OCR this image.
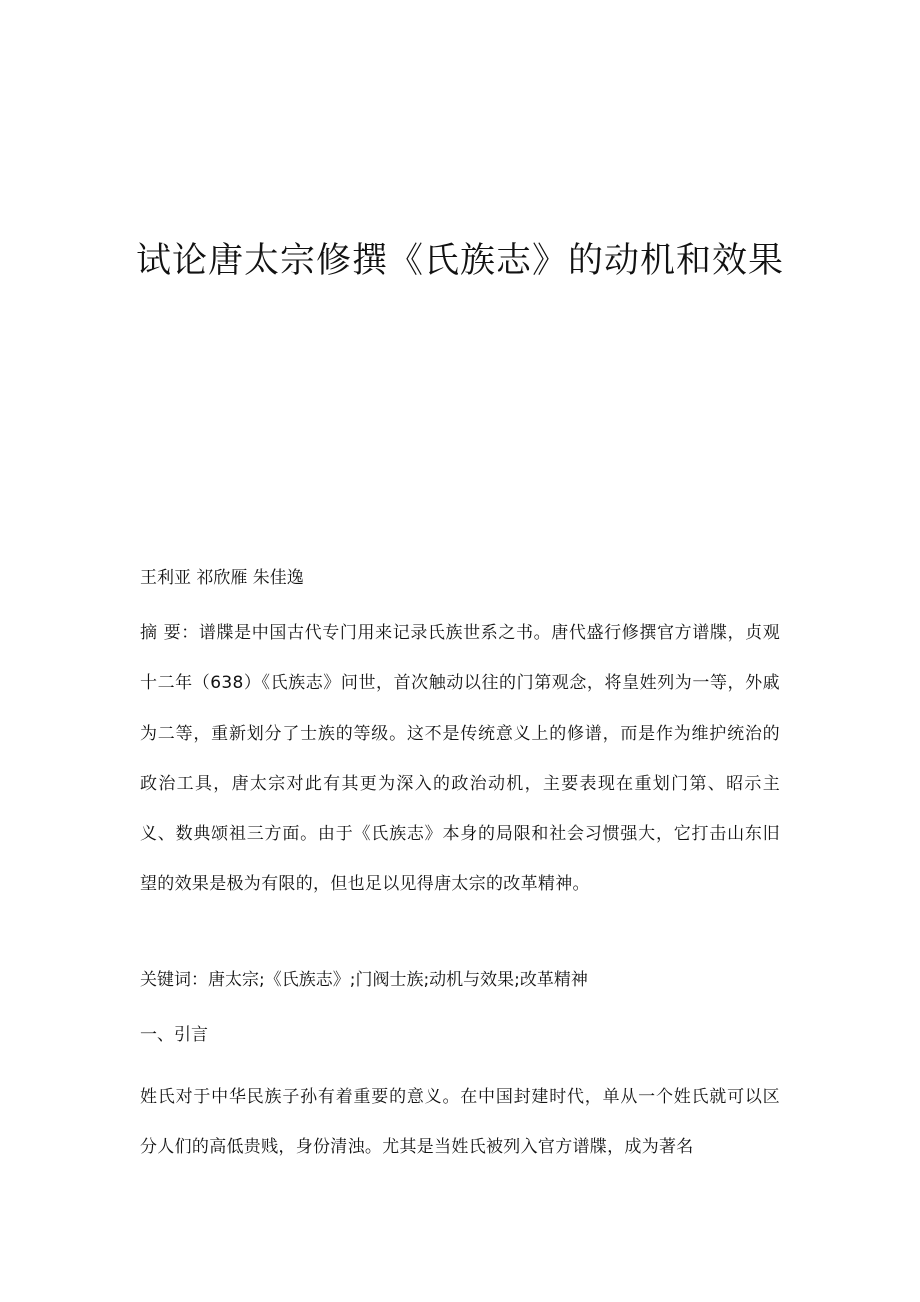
试论唐太宗修撰《氏族志》的动机和效果

王利亚 祁欣雁 朱佳逸

摘 要：谱牒是中国古代专门用来记录氏族世系之书。唐代盛行修撰官方谱牒，贞观十二年（638）《氏族志》问世，首次触动以往的门第观念，将皇姓列为一等，外戚为二等，重新划分了士族的等级。这不是传统意义上的修谱，而是作为维护统治的政治工具，唐太宗对此有其更为深入的政治动机，主要表现在重划门第、昭示主义、数典颂祖三方面。由于《氏族志》本身的局限和社会习惯强大，它打击山东旧望的效果是极为有限的，但也足以见得唐太宗的改革精神。

关键词：唐太宗;《氏族志》;门阀士族;动机与效果;改革精神

一、引言

姓氏对于中华民族子孙有着重要的意义。在中国封建时代，单从一个姓氏就可以区分人们的高低贵贱，身份清浊。尤其是当姓氏被列入官方谱牒，成为著名
